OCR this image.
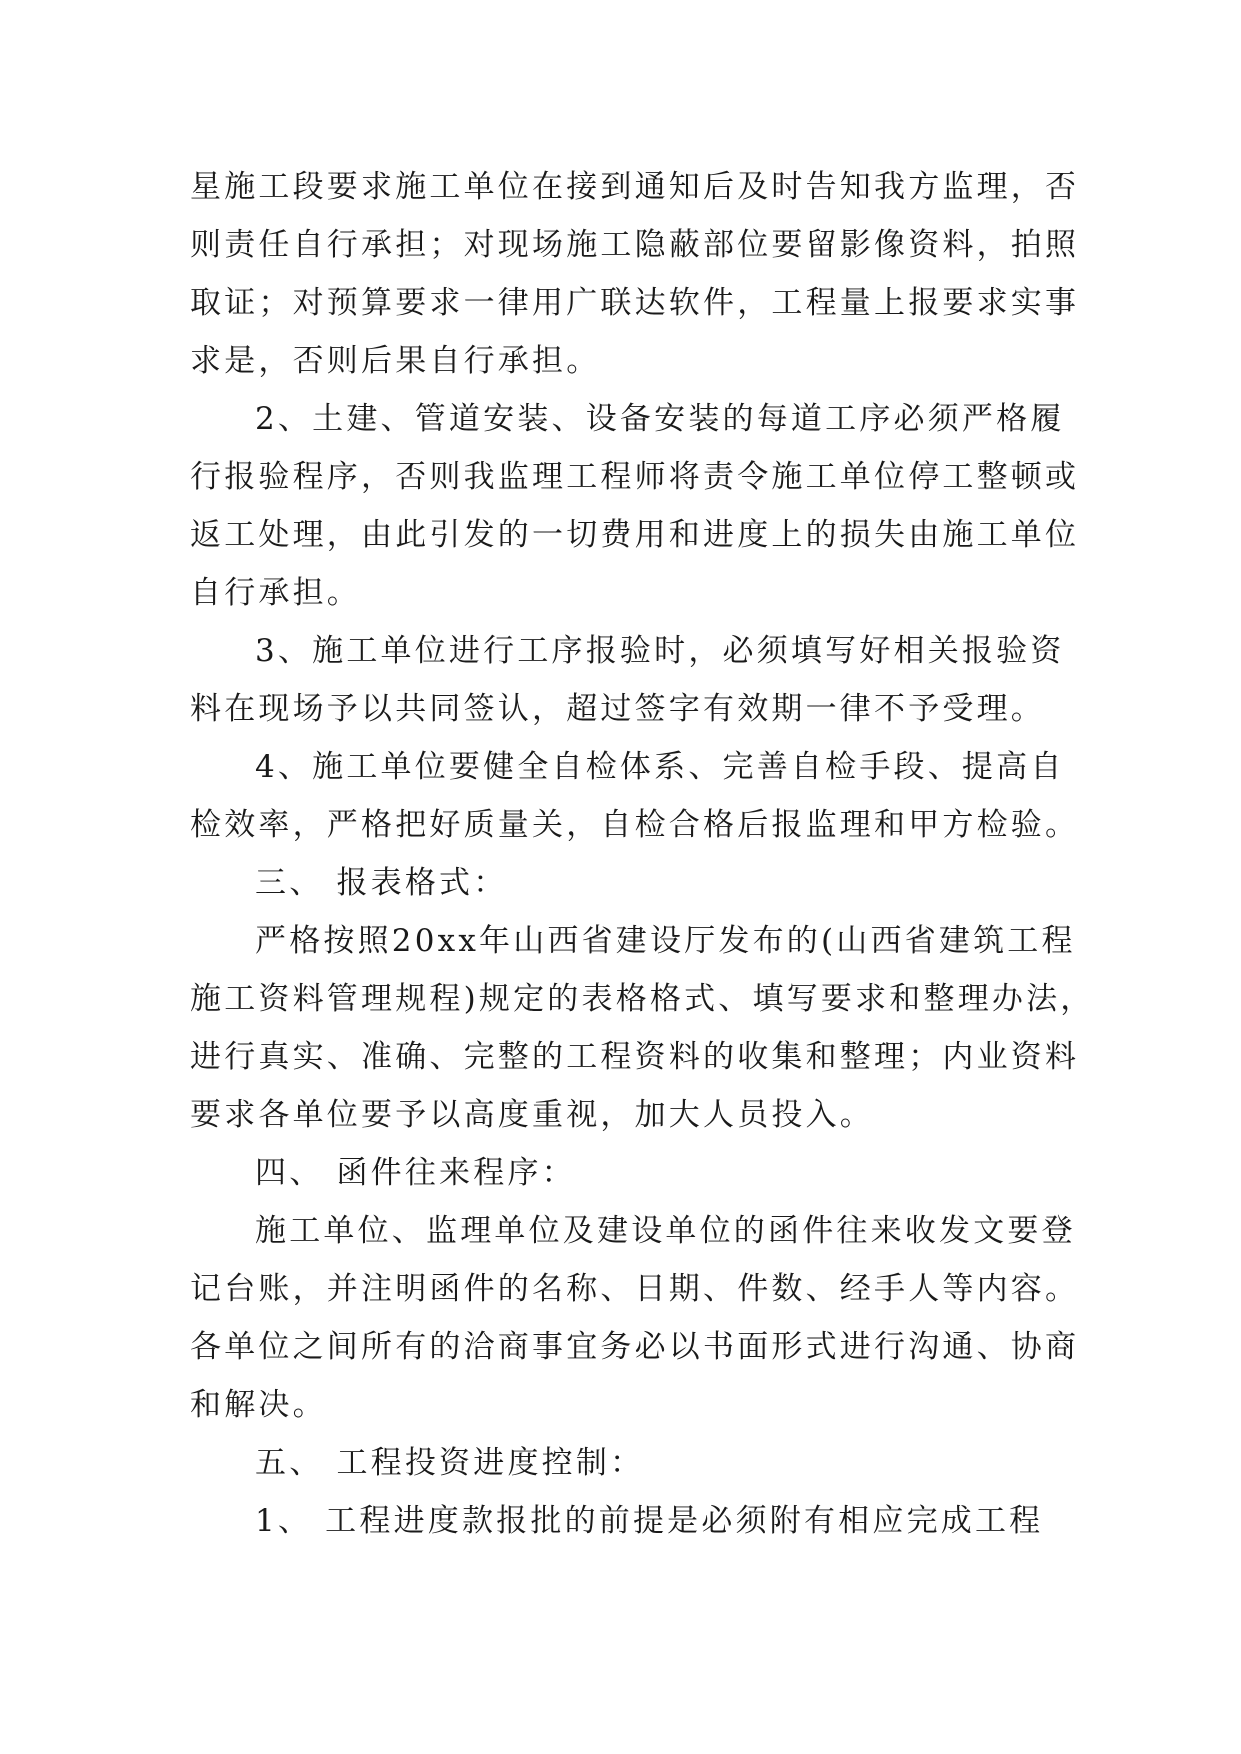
星施工段要求施工单位在接到通知后及时告知我方监理，否
则责任自行承担；对现场施工隐蔽部位要留影像资料，拍照
取证；对预算要求一律用广联达软件，工程量上报要求实事
求是，否则后果自行承担。
2、土建、管道安装、设备安装的每道工序必须严格履
行报验程序，否则我监理工程师将责令施工单位停工整顿或
返工处理，由此引发的一切费用和进度上的损失由施工单位
自行承担。
3、施工单位进行工序报验时，必须填写好相关报验资
料在现场予以共同签认，超过签字有效期一律不予受理。
4、施工单位要健全自检体系、完善自检手段、提高自
检效率，严格把好质量关，自检合格后报监理和甲方检验。
三、 报表格式：
严格按照20xx年山西省建设厅发布的(山西省建筑工程
施工资料管理规程)规定的表格格式、填写要求和整理办法，
进行真实、准确、完整的工程资料的收集和整理；内业资料
要求各单位要予以高度重视，加大人员投入。
四、 函件往来程序：
施工单位、监理单位及建设单位的函件往来收发文要登
记台账，并注明函件的名称、日期、件数、经手人等内容。
各单位之间所有的洽商事宜务必以书面形式进行沟通、协商
和解决。
五、 工程投资进度控制：
1、 工程进度款报批的前提是必须附有相应完成工程
